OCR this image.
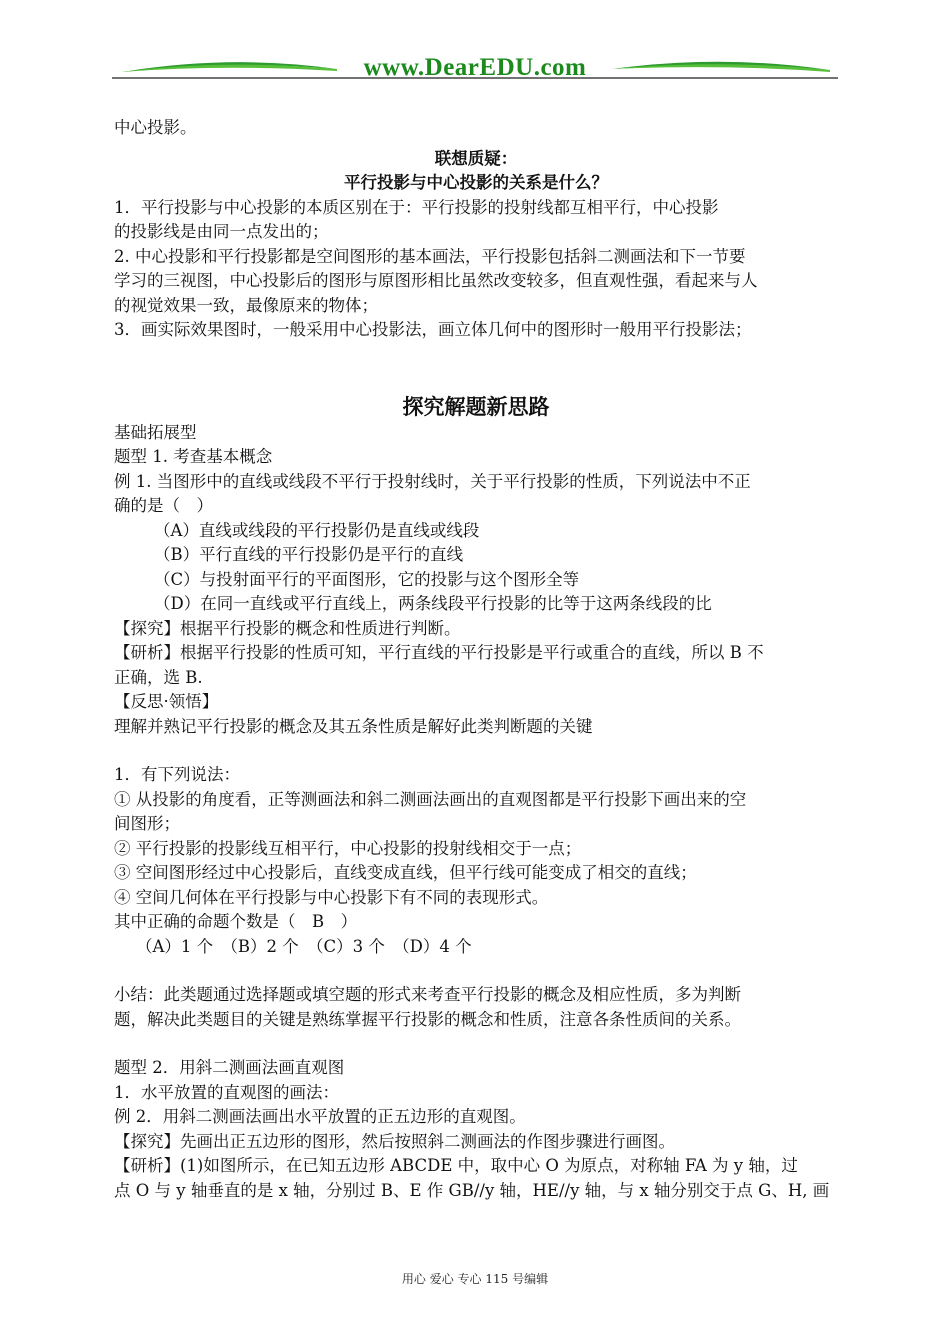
www.DearEDU.com

中心投影。

联想质疑：

平行投影与中心投影的关系是什么？

1．平行投影与中心投影的本质区别在于：平行投影的投射线都互相平行，中心投影

的投影线是由同一点发出的；

2. 中心投影和平行投影都是空间图形的基本画法，平行投影包括斜二测画法和下一节要

学习的三视图，中心投影后的图形与原图形相比虽然改变较多，但直观性强，看起来与人

的视觉效果一致，最像原来的物体；

3．画实际效果图时，一般采用中心投影法，画立体几何中的图形时一般用平行投影法；

探究解题新思路

基础拓展型

题型 1. 考查基本概念

例 1. 当图形中的直线或线段不平行于投射线时，关于平行投影的性质，下列说法中不正

确的是（　）

（A）直线或线段的平行投影仍是直线或线段

（B）平行直线的平行投影仍是平行的直线

（C）与投射面平行的平面图形，它的投影与这个图形全等

（D）在同一直线或平行直线上，两条线段平行投影的比等于这两条线段的比

【探究】根据平行投影的概念和性质进行判断。

【研析】根据平行投影的性质可知，平行直线的平行投影是平行或重合的直线，所以 B 不

正确，选 B.

【反思·领悟】

理解并熟记平行投影的概念及其五条性质是解好此类判断题的关键

1．有下列说法：

① 从投影的角度看，正等测画法和斜二测画法画出的直观图都是平行投影下画出来的空

间图形；

② 平行投影的投影线互相平行，中心投影的投射线相交于一点；

③ 空间图形经过中心投影后，直线变成直线，但平行线可能变成了相交的直线；

④ 空间几何体在平行投影与中心投影下有不同的表现形式。

其中正确的命题个数是（　B　）

（A）1 个　（B）2 个　（C）3 个　（D）4 个

小结：此类题通过选择题或填空题的形式来考查平行投影的概念及相应性质，多为判断

题，解决此类题目的关键是熟练掌握平行投影的概念和性质，注意各条性质间的关系。

题型 2．用斜二测画法画直观图

1．水平放置的直观图的画法：

例 2．用斜二测画法画出水平放置的正五边形的直观图。

【探究】先画出正五边形的图形，然后按照斜二测画法的作图步骤进行画图。

【研析】(1)如图所示，在已知五边形 ABCDE 中，取中心 O 为原点，对称轴 FA 为 y 轴，过

点 O 与 y 轴垂直的是 x 轴，分别过 B、E 作 GB//y 轴，HE//y 轴，与 x 轴分别交于点 G、H, 画

用心 爱心 专心 115 号编辑
